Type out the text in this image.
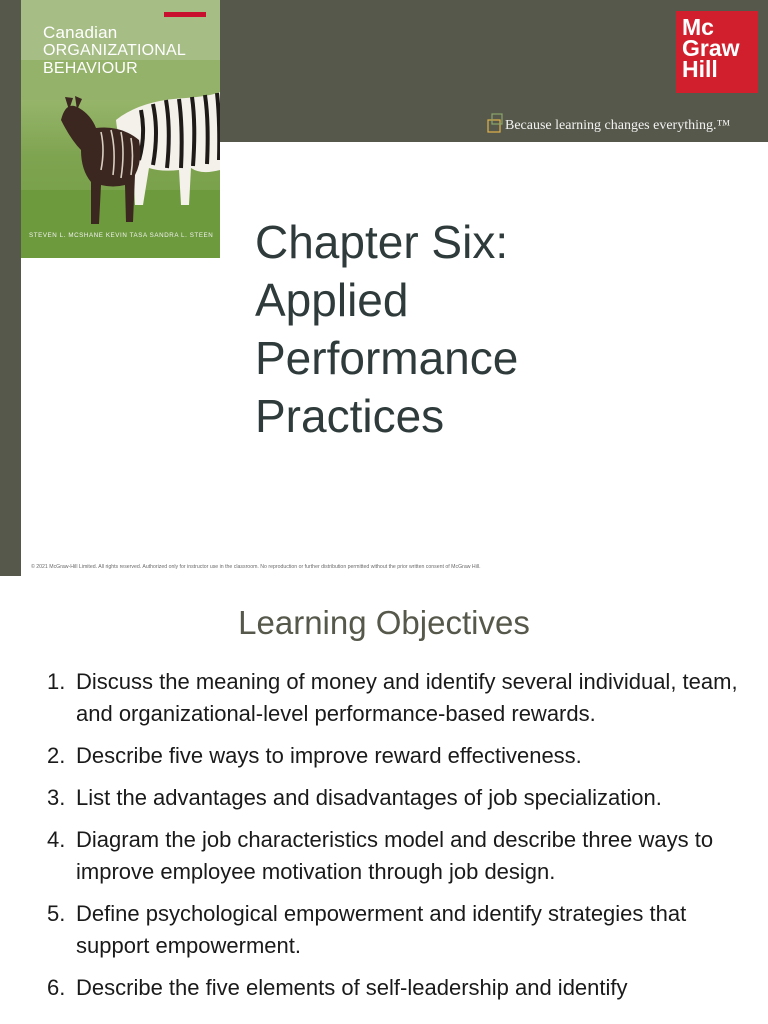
Canadian
ORGANIZATIONAL BEHAVIOUR
STEVEN L. MCSHANE KEVIN TASA SANDRA L. STEEN
Mc
Graw
Hill
Because learning changes everything.™
Chapter Six:
Applied
Performance
Practices
© 2021 McGraw-Hill Limited. All rights reserved. Authorized only for instructor use in the classroom. No reproduction or further distribution permitted without the prior written consent of McGraw Hill.
Learning Objectives
1. Discuss the meaning of money and identify several individual, team, and organizational-level performance-based rewards.
2. Describe five ways to improve reward effectiveness.
3. List the advantages and disadvantages of job specialization.
4. Diagram the job characteristics model and describe three ways to improve employee motivation through job design.
5. Define psychological empowerment and identify strategies that support empowerment.
6. Describe the five elements of self-leadership and identify
